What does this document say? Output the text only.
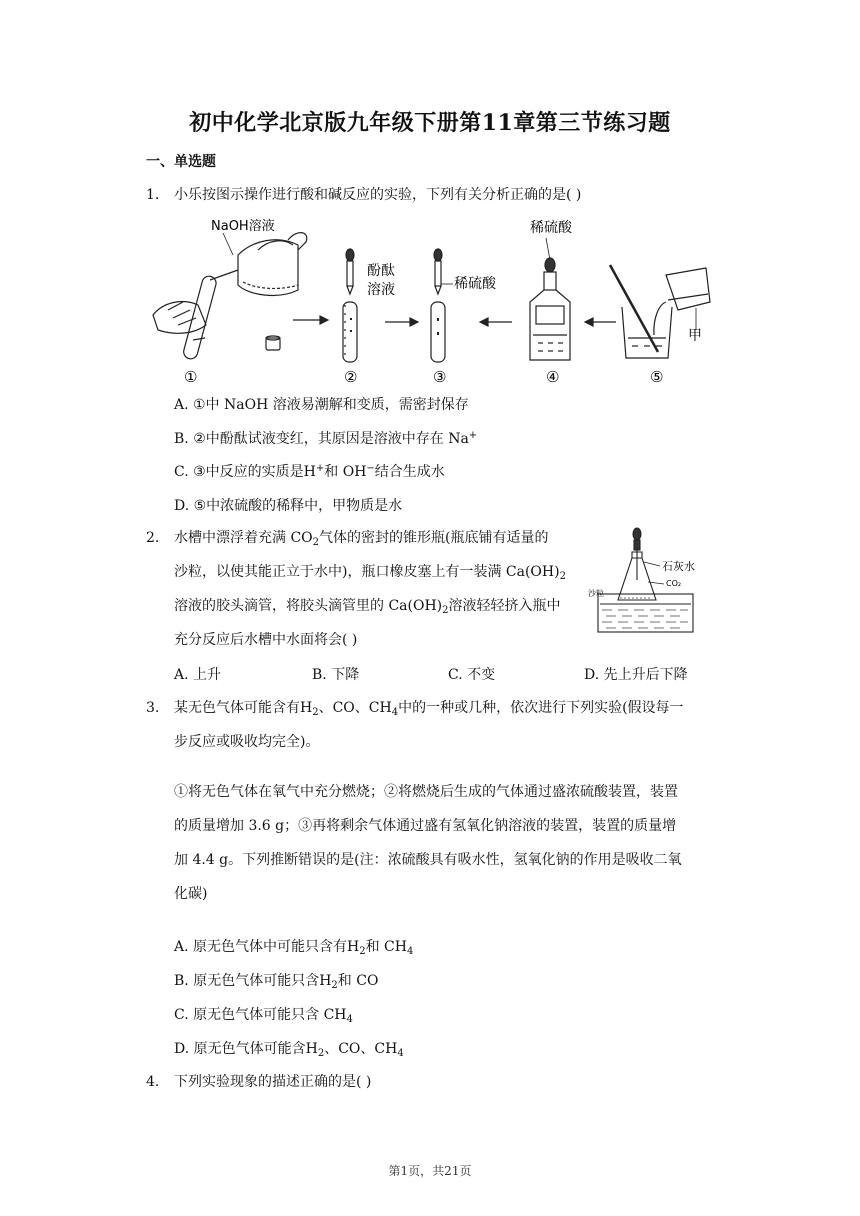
初中化学北京版九年级下册第11章第三节练习题
一、单选题
1. 小乐按图示操作进行酸和碱反应的实验，下列有关分析正确的是( )
NaOH溶液
酚酞
溶液	稀硫酸
稀硫酸
甲
①	②	③	④	⑤
A. ①中 NaOH 溶液易潮解和变质，需密封保存
B. ②中酚酞试液变红，其原因是溶液中存在 Na+
C. ③中反应的实质是H+和 OH−结合生成水
D. ⑤中浓硫酸的稀释中，甲物质是水
2. 水槽中漂浮着充满 $CO_2$气体的密封的锥形瓶(瓶底铺有适量的
沙粒，以使其能正立于水中)，瓶口橡皮塞上有一装满 $Ca(OH)_2$
溶液的胶头滴管，将胶头滴管里的 $Ca(OH)_2$溶液轻轻挤入瓶中
充分反应后水槽中水面将会( )
石灰水
CO₂
沙粒
A. 上升	B. 下降	C. 不变	D. 先上升后下降
3. 某无色气体可能含有$H_2$、CO、$CH_4$中的一种或几种，依次进行下列实验(假设每一
步反应或吸收均完全)。
①将无色气体在氧气中充分燃烧；②将燃烧后生成的气体通过盛浓硫酸装置，装置
的质量增加 3.6 g；③再将剩余气体通过盛有氢氧化钠溶液的装置，装置的质量增
加 4.4 g。下列推断错误的是(注：浓硫酸具有吸水性，氢氧化钠的作用是吸收二氧
化碳)
A. 原无色气体中可能只含有$H_2$和 $CH_4$
B. 原无色气体可能只含$H_2$和 CO
C. 原无色气体可能只含 $CH_4$
D. 原无色气体可能含$H_2$、CO、$CH_4$
4. 下列实验现象的描述正确的是( )
第1页，共21页
